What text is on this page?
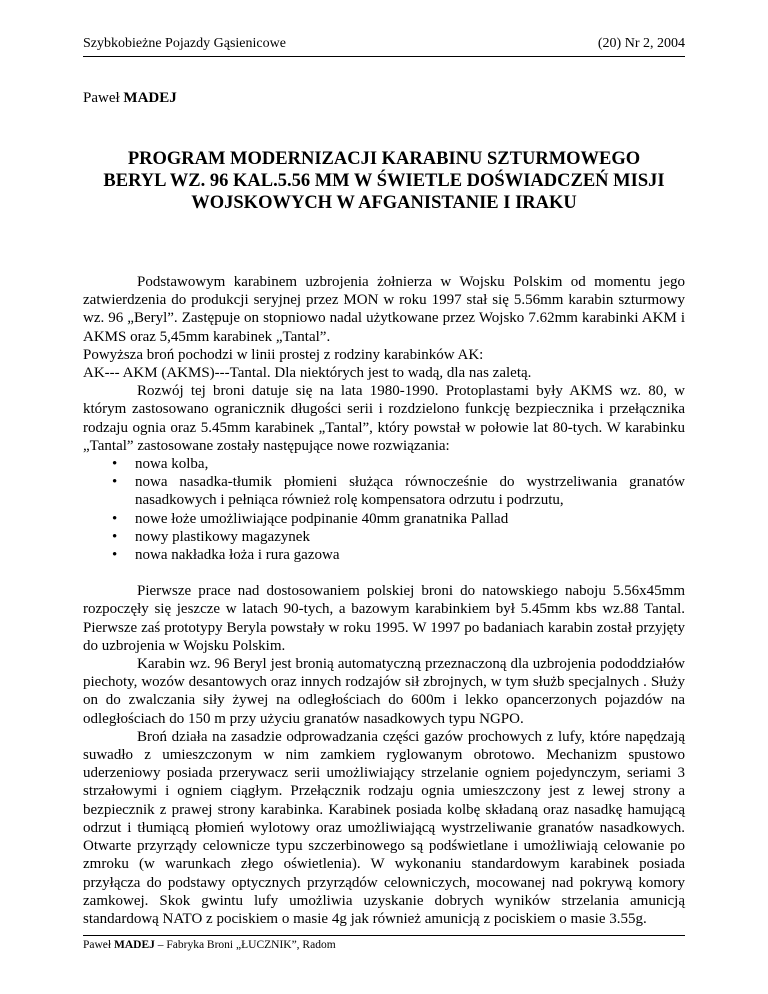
Szybkobieżne Pojazdy Gąsienicowe	(20) Nr 2, 2004
Paweł MADEJ
PROGRAM MODERNIZACJI KARABINU SZTURMOWEGO
BERYL WZ. 96 KAL.5.56 MM W ŚWIETLE DOŚWIADCZEŃ MISJI
WOJSKOWYCH W AFGANISTANIE I IRAKU

Podstawowym karabinem uzbrojenia żołnierza w Wojsku Polskim od momentu jego zatwierdzenia do produkcji seryjnej przez MON w roku 1997 stał się 5.56mm karabin szturmowy wz. 96 „Beryl”. Zastępuje on stopniowo nadal użytkowane przez Wojsko 7.62mm karabinki AKM i AKMS oraz 5,45mm karabinek „Tantal”.

Powyższa broń pochodzi w linii prostej z rodziny karabinków AK:

AK--- AKM (AKMS)---Tantal. Dla niektórych jest to wadą, dla nas zaletą.

Rozwój tej broni datuje się na lata 1980-1990. Protoplastami były AKMS wz. 80, w którym zastosowano ogranicznik długości serii i rozdzielono funkcję bezpiecznika i przełącznika rodzaju ognia oraz 5.45mm karabinek „Tantal”, który powstał w połowie lat 80-tych. W karabinku „Tantal” zastosowane zostały następujące nowe rozwiązania:

• nowa kolba,
• nowa nasadka-tłumik płomieni służąca równocześnie do wystrzeliwania granatów nasadkowych i pełniąca również rolę kompensatora odrzutu i podrzutu,
• nowe łoże umożliwiające podpinanie 40mm granatnika Pallad
• nowy plastikowy magazynek
• nowa nakładka łoża i rura gazowa

Pierwsze prace nad dostosowaniem polskiej broni do natowskiego naboju 5.56x45mm rozpoczęły się jeszcze w latach 90-tych, a bazowym karabinkiem był 5.45mm kbs wz.88 Tantal. Pierwsze zaś prototypy Beryla powstały w roku 1995. W 1997 po badaniach karabin został przyjęty do uzbrojenia w Wojsku Polskim.

Karabin wz. 96 Beryl jest bronią automatyczną przeznaczoną dla uzbrojenia pododdziałów piechoty, wozów desantowych oraz innych rodzajów sił zbrojnych, w tym służb specjalnych . Służy on do zwalczania siły żywej na odległościach do 600m i lekko opancerzonych pojazdów na odległościach do 150 m przy użyciu granatów nasadkowych typu NGPO.

Broń działa na zasadzie odprowadzania części gazów prochowych z lufy, które napędzają suwadło z umieszczonym w nim zamkiem ryglowanym obrotowo. Mechanizm spustowo uderzeniowy posiada przerywacz serii umożliwiający strzelanie ogniem pojedynczym, seriami 3 strzałowymi i ogniem ciągłym. Przełącznik rodzaju ognia umieszczony jest z lewej strony a bezpiecznik z prawej strony karabinka. Karabinek posiada kolbę składaną oraz nasadkę hamującą odrzut i tłumiącą płomień wylotowy oraz umożliwiającą wystrzeliwanie granatów nasadkowych. Otwarte przyrządy celownicze typu szczerbinowego są podświetlane i umożliwiają celowanie po zmroku (w warunkach złego oświetlenia). W wykonaniu standardowym karabinek posiada przyłącza do podstawy optycznych przyrządów celowniczych, mocowanej nad pokrywą komory zamkowej. Skok gwintu lufy umożliwia uzyskanie dobrych wyników strzelania amunicją standardową NATO z pociskiem o masie 4g jak również amunicją z pociskiem o masie 3.55g.

Paweł MADEJ – Fabryka Broni „ŁUCZNIK”, Radom
